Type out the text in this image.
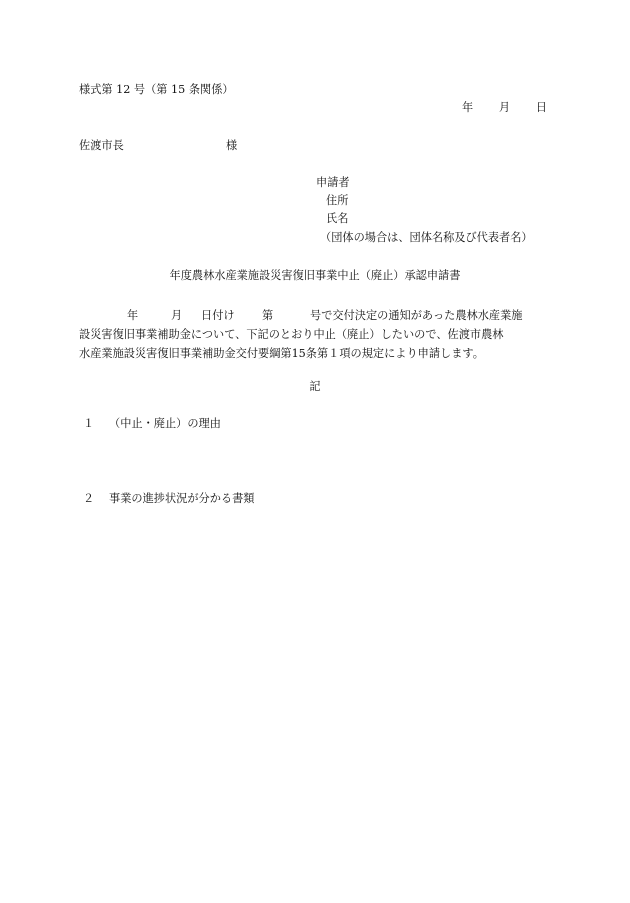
様式第 12 号（第 15 条関係）
年 月 日
佐渡市長	様
申請者
住所
氏名
（団体の場合は、団体名称及び代表者名）
年度農林水産業施設災害復旧事業中止（廃止）承認申請書
年	月 日付け 第	号で交付決定の通知があった農林水産業施
設災害復旧事業補助金について、下記のとおり中止（廃止）したいので、佐渡市農林
水産業施設災害復旧事業補助金交付要綱第15条第１項の規定により申請します。
記
１ （中止・廃止）の理由
２ 事業の進捗状況が分かる書類
